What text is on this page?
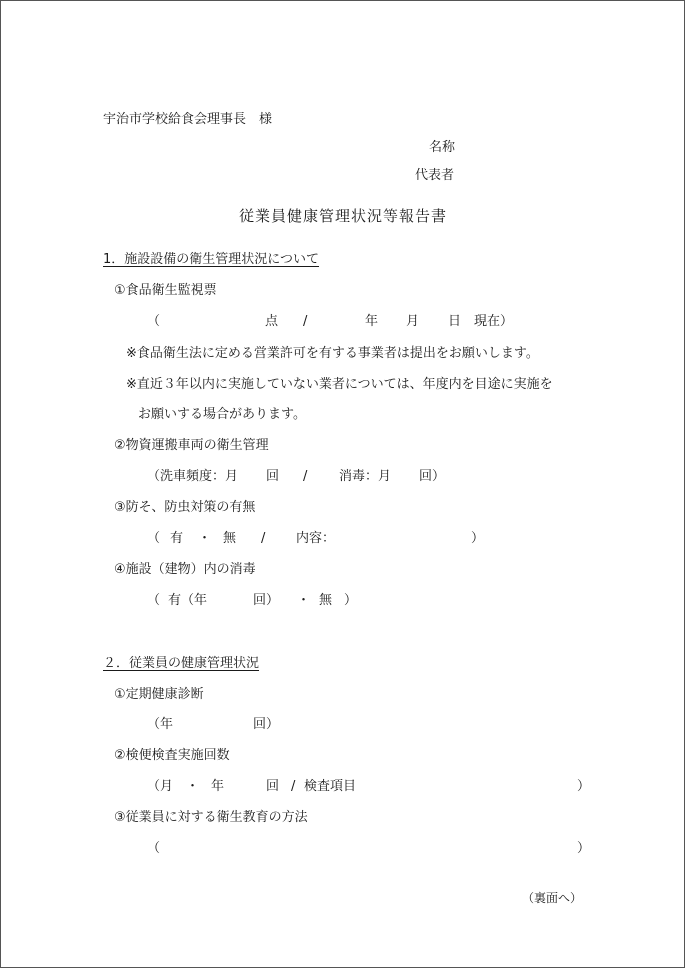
宇治市学校給食会理事長　様
名称
代表者
従業員健康管理状況等報告書
1．施設設備の衛生管理状況について
①食品衛生監視票
（	点 /	年 月 日 現在）
※食品衛生法に定める営業許可を有する事業者は提出をお願いします。
※直近３年以内に実施していない業者については、年度内を目途に実施を
お願いする場合があります。
②物資運搬車両の衛生管理
（洗車頻度：月 回 / 消毒：月 回）
③防そ、防虫対策の有無
（ 有 ・ 無 / 内容：	）
④施設（建物）内の消毒
（ 有（年	回） ・ 無 ）
２．従業員の健康管理状況
①定期健康診断
（年	回）
②検便検査実施回数
（月 ・ 年	回 / 検査項目	）
③従業員に対する衛生教育の方法
（	）
（裏面へ）
